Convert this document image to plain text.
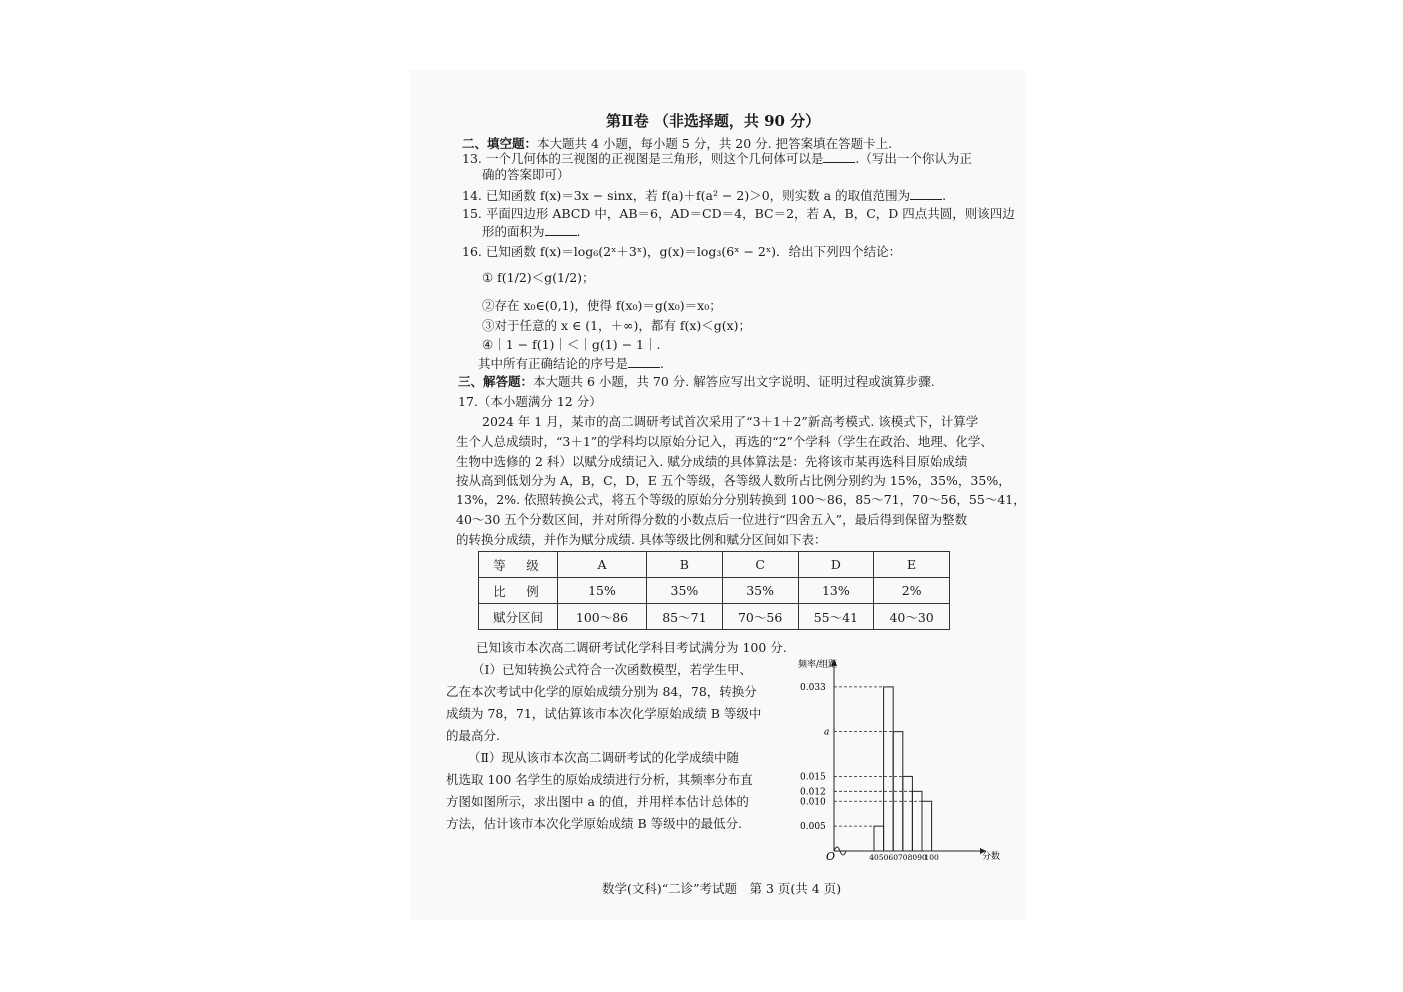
第Ⅱ卷 （非选择题，共 90 分）
二、填空题：本大题共 4 小题，每小题 5 分，共 20 分. 把答案填在答题卡上.
13. 一个几何体的三视图的正视图是三角形，则这个几何体可以是	.（写出一个你认为正
确的答案即可）
14. 已知函数 f(x)＝3x − sinx，若 f(a)＋f(a² − 2)＞0，则实数 a 的取值范围为	.
15. 平面四边形 ABCD 中，AB＝6，AD＝CD＝4，BC＝2，若 A，B，C，D 四点共圆，则该四边
形的面积为	.
16. 已知函数 f(x)＝log₆(2ˣ＋3ˣ)，g(x)＝log₃(6ˣ − 2ˣ)．给出下列四个结论：
① f(1/2)＜g(1/2)；
②存在 x₀∈(0,1)，使得 f(x₀)＝g(x₀)＝x₀；
③对于任意的 x ∈ (1，＋∞)，都有 f(x)＜g(x)；
④｜1 − f(1)｜＜｜g(1) − 1｜.
其中所有正确结论的序号是	.
三、解答题：本大题共 6 小题，共 70 分. 解答应写出文字说明、证明过程或演算步骤.
17.（本小题满分 12 分）
2024 年 1 月，某市的高二调研考试首次采用了“3＋1＋2”新高考模式. 该模式下，计算学
生个人总成绩时，“3＋1”的学科均以原始分记入，再选的“2”个学科（学生在政治、地理、化学、
生物中选修的 2 科）以赋分成绩记入. 赋分成绩的具体算法是：先将该市某再选科目原始成绩
按从高到低划分为 A，B，C，D，E 五个等级，各等级人数所占比例分别约为 15%，35%，35%，
13%，2%. 依照转换公式，将五个等级的原始分分别转换到 100～86，85～71，70～56，55～41，
40～30 五个分数区间，并对所得分数的小数点后一位进行“四舍五入”，最后得到保留为整数
的转换分成绩，并作为赋分成绩. 具体等级比例和赋分区间如下表：
等　级	A	B	C	D	E
比　例	15%	35%	35%	13%	2%
赋分区间	100～86	85～71	70～56	55～41	40～30
已知该市本次高二调研考试化学科目考试满分为 100 分.
（Ⅰ）已知转换公式符合一次函数模型，若学生甲、
乙在本次考试中化学的原始成绩分别为 84，78，转换分
成绩为 78，71，试估算该市本次化学原始成绩 B 等级中
的最高分.
（Ⅱ）现从该市本次高二调研考试的化学成绩中随
机选取 100 名学生的原始成绩进行分析，其频率分布直
方图如图所示，求出图中 a 的值，并用样本估计总体的
方法，估计该市本次化学原始成绩 B 等级中的最低分.
频率/组距
分数
O
0.005
0.010
0.012
0.015
a
0.033
40 50 60 70 80 90
100
数学(文科)“二诊”考试题　第 3 页(共 4 页)
